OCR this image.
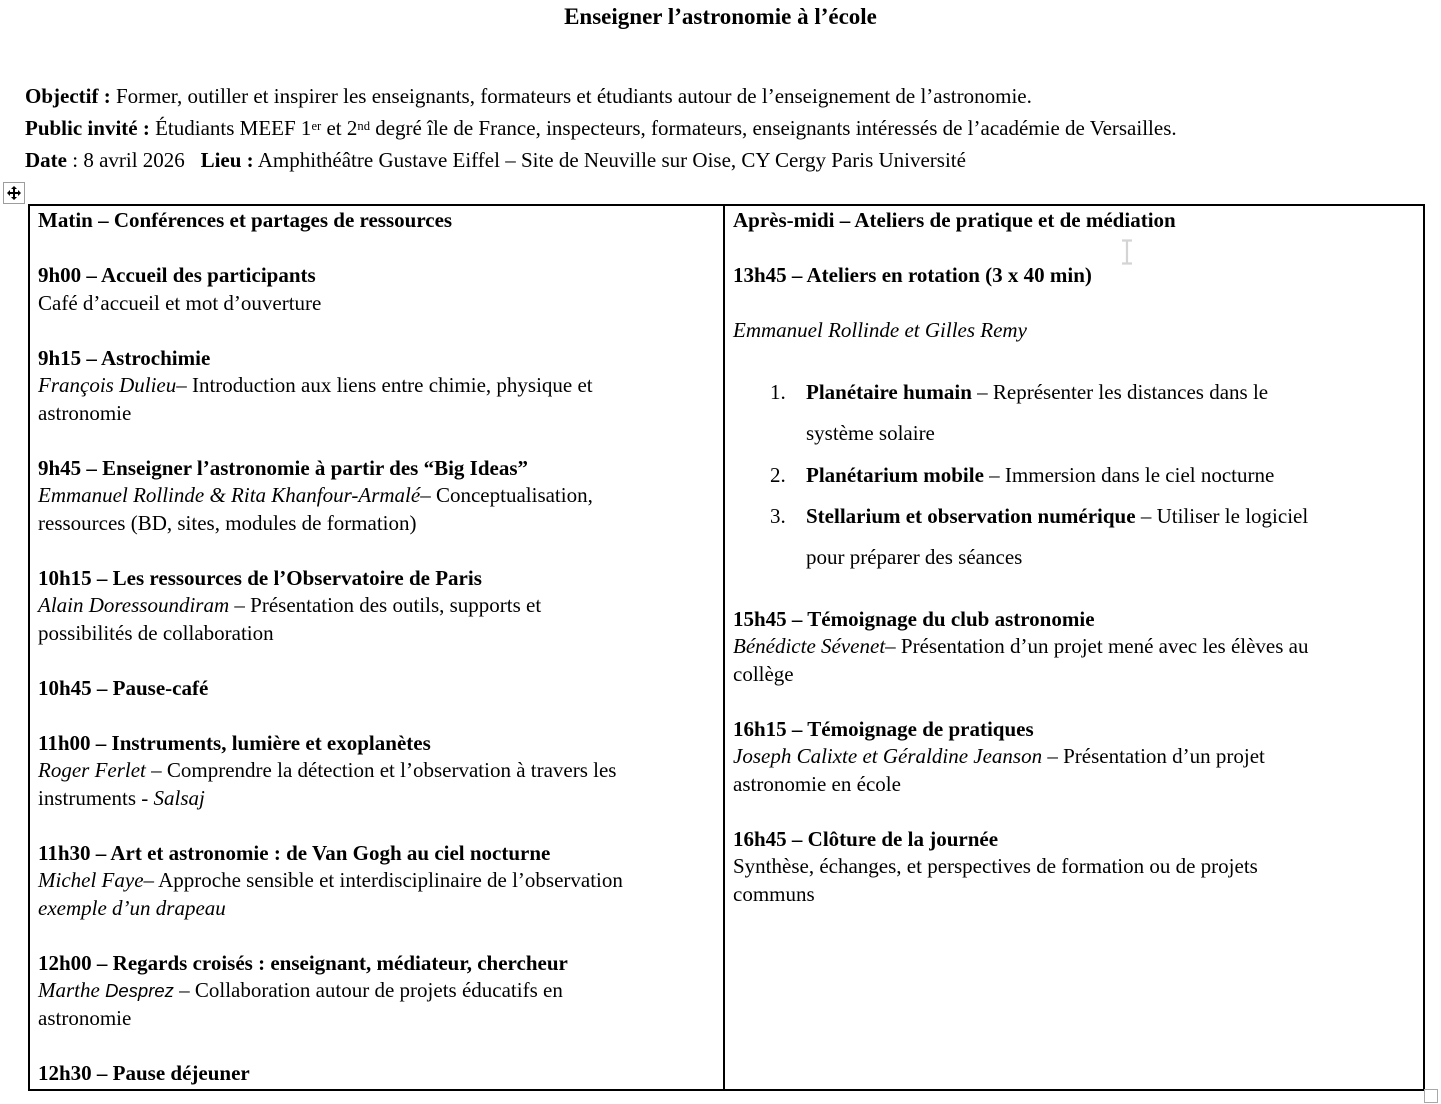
Enseigner l’astronomie à l’école

Objectif : Former, outiller et inspirer les enseignants, formateurs et étudiants autour de l’enseignement de l’astronomie.

Public invité : Étudiants MEEF 1er et 2nd degré île de France, inspecteurs, formateurs, enseignants intéressés de l’académie de Versailles.

Date : 8 avril 2026   Lieu : Amphithéâtre Gustave Eiffel – Site de Neuville sur Oise, CY Cergy Paris Université

Matin – Conférences et partages de ressources

9h00 – Accueil des participants
Café d’accueil et mot d’ouverture

9h15 – Astrochimie
François Dulieu– Introduction aux liens entre chimie, physique et
astronomie

9h45 – Enseigner l’astronomie à partir des “Big Ideas”
Emmanuel Rollinde & Rita Khanfour-Armalé– Conceptualisation,
ressources (BD, sites, modules de formation)

10h15 – Les ressources de l’Observatoire de Paris
Alain Doressoundiram – Présentation des outils, supports et
possibilités de collaboration

10h45 – Pause-café

11h00 – Instruments, lumière et exoplanètes
Roger Ferlet – Comprendre la détection et l’observation à travers les
instruments - Salsaj

11h30 – Art et astronomie : de Van Gogh au ciel nocturne
Michel Faye– Approche sensible et interdisciplinaire de l’observation
exemple d’un drapeau

12h00 – Regards croisés : enseignant, médiateur, chercheur
Marthe Desprez – Collaboration autour de projets éducatifs en
astronomie

12h30 – Pause déjeuner

Après-midi – Ateliers de pratique et de médiation

13h45 – Ateliers en rotation (3 x 40 min)

Emmanuel Rollinde et Gilles Remy

1. Planétaire humain – Représenter les distances dans le
système solaire
2. Planétarium mobile – Immersion dans le ciel nocturne
3. Stellarium et observation numérique – Utiliser le logiciel
pour préparer des séances

15h45 – Témoignage du club astronomie
Bénédicte Sévenet– Présentation d’un projet mené avec les élèves au
collège

16h15 – Témoignage de pratiques
Joseph Calixte et Géraldine Jeanson – Présentation d’un projet
astronomie en école

16h45 – Clôture de la journée
Synthèse, échanges, et perspectives de formation ou de projets
communs
